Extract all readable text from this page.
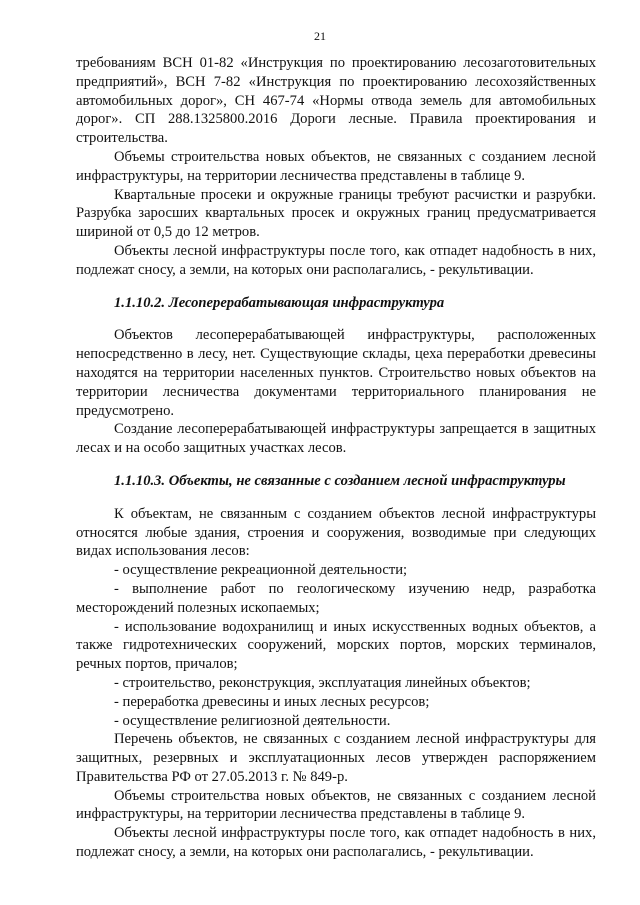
21

требованиям ВСН 01-82 «Инструкция по проектированию лесозаготовительных предприятий», ВСН 7-82 «Инструкция по проектированию лесохозяйственных автомобильных дорог», СН 467-74 «Нормы отвода земель для автомобильных дорог». СП 288.1325800.2016 Дороги лесные. Правила проектирования и строительства.

Объемы строительства новых объектов, не связанных с созданием лесной инфраструктуры, на территории лесничества представлены в таблице 9.

Квартальные просеки и окружные границы требуют расчистки и разрубки. Разрубка заросших квартальных просек и окружных границ предусматривается шириной от 0,5 до 12 метров.

Объекты лесной инфраструктуры после того, как отпадет надобность в них, подлежат сносу, а земли, на которых они располагались, - рекультивации.

1.1.10.2. Лесоперерабатывающая инфраструктура

Объектов лесоперерабатывающей инфраструктуры, расположенных непосредственно в лесу, нет. Существующие склады, цеха переработки древесины находятся на территории населенных пунктов. Строительство новых объектов на территории лесничества документами территориального планирования не предусмотрено.

Создание лесоперерабатывающей инфраструктуры запрещается в защитных лесах и на особо защитных участках лесов.

1.1.10.3. Объекты, не связанные с созданием лесной инфраструктуры

К объектам, не связанным с созданием объектов лесной инфраструктуры относятся любые здания, строения и сооружения, возводимые при следующих видах использования лесов:

- осуществление рекреационной деятельности;

- выполнение работ по геологическому изучению недр, разработка месторождений полезных ископаемых;

- использование водохранилищ и иных искусственных водных объектов, а также гидротехнических сооружений, морских портов, морских терминалов, речных портов, причалов;

- строительство, реконструкция, эксплуатация линейных объектов;

- переработка древесины и иных лесных ресурсов;

- осуществление религиозной деятельности.

Перечень объектов, не связанных с созданием лесной инфраструктуры для защитных, резервных и эксплуатационных лесов утвержден распоряжением Правительства РФ от 27.05.2013 г. № 849-р.

Объемы строительства новых объектов, не связанных с созданием лесной инфраструктуры, на территории лесничества представлены в таблице 9.

Объекты лесной инфраструктуры после того, как отпадет надобность в них, подлежат сносу, а земли, на которых они располагались, - рекультивации.
